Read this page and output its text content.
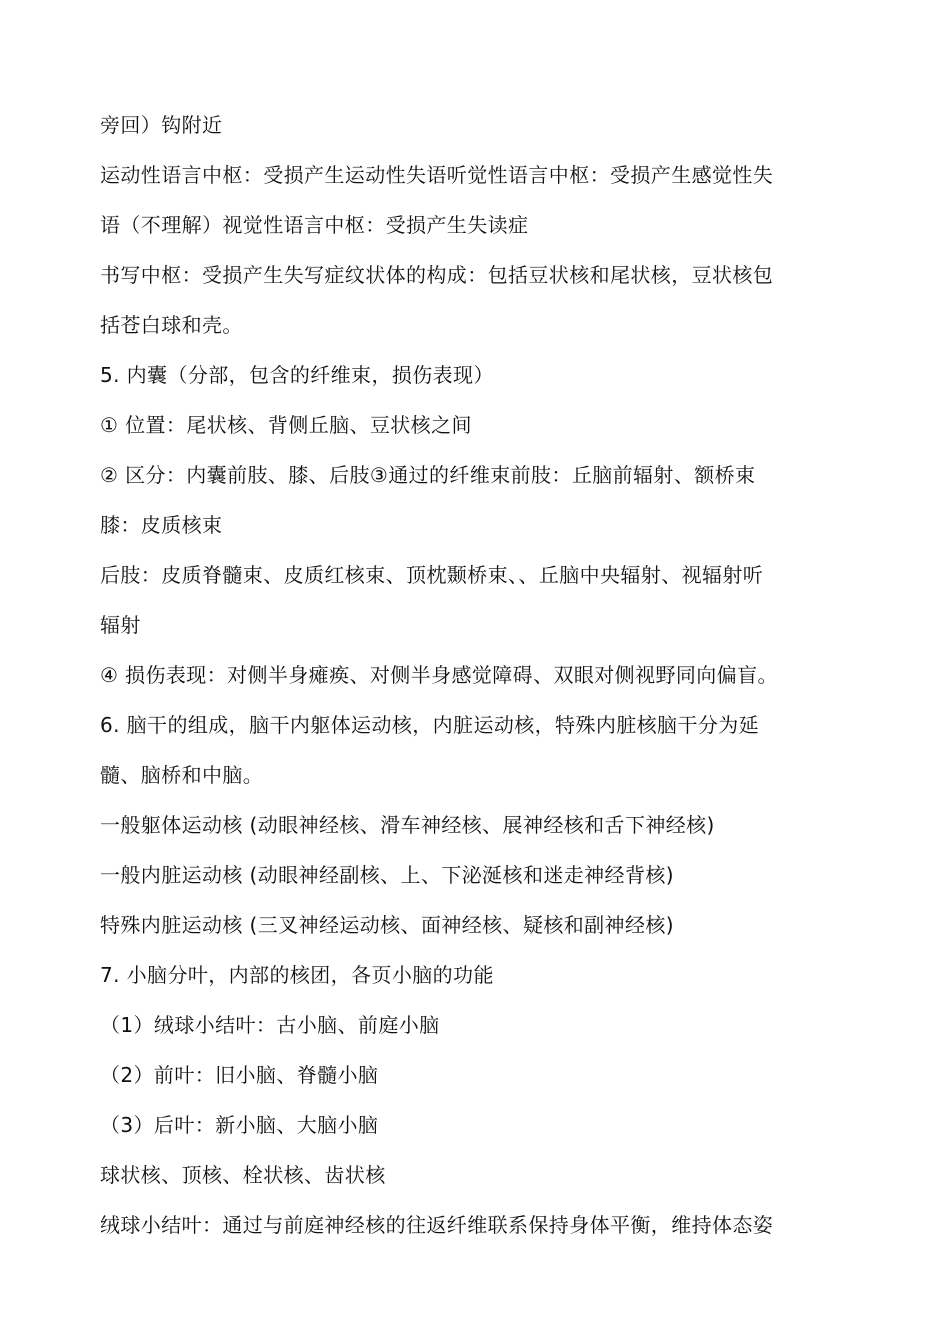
旁回）钩附近
运动性语言中枢：受损产生运动性失语听觉性语言中枢：受损产生感觉性失
语（不理解）视觉性语言中枢：受损产生失读症
书写中枢：受损产生失写症纹状体的构成：包括豆状核和尾状核，豆状核包
括苍白球和壳。
5. 内囊（分部，包含的纤维束，损伤表现）
① 位置：尾状核、背侧丘脑、豆状核之间
② 区分：内囊前肢、膝、后肢③通过的纤维束前肢：丘脑前辐射、额桥束
膝：皮质核束
后肢：皮质脊髓束、皮质红核束、顶枕颞桥束、、丘脑中央辐射、视辐射听
辐射
④ 损伤表现：对侧半身瘫痪、对侧半身感觉障碍、双眼对侧视野同向偏盲。
6. 脑干的组成，脑干内躯体运动核，内脏运动核，特殊内脏核脑干分为延
髓、脑桥和中脑。
一般躯体运动核 (动眼神经核、滑车神经核、展神经核和舌下神经核)
一般内脏运动核 (动眼神经副核、上、下泌涎核和迷走神经背核)
特殊内脏运动核 (三叉神经运动核、面神经核、疑核和副神经核)
7. 小脑分叶，内部的核团，各页小脑的功能
（1）绒球小结叶：古小脑、前庭小脑
（2）前叶：旧小脑、脊髓小脑
（3）后叶：新小脑、大脑小脑
球状核、顶核、栓状核、齿状核
绒球小结叶：通过与前庭神经核的往返纤维联系保持身体平衡，维持体态姿
